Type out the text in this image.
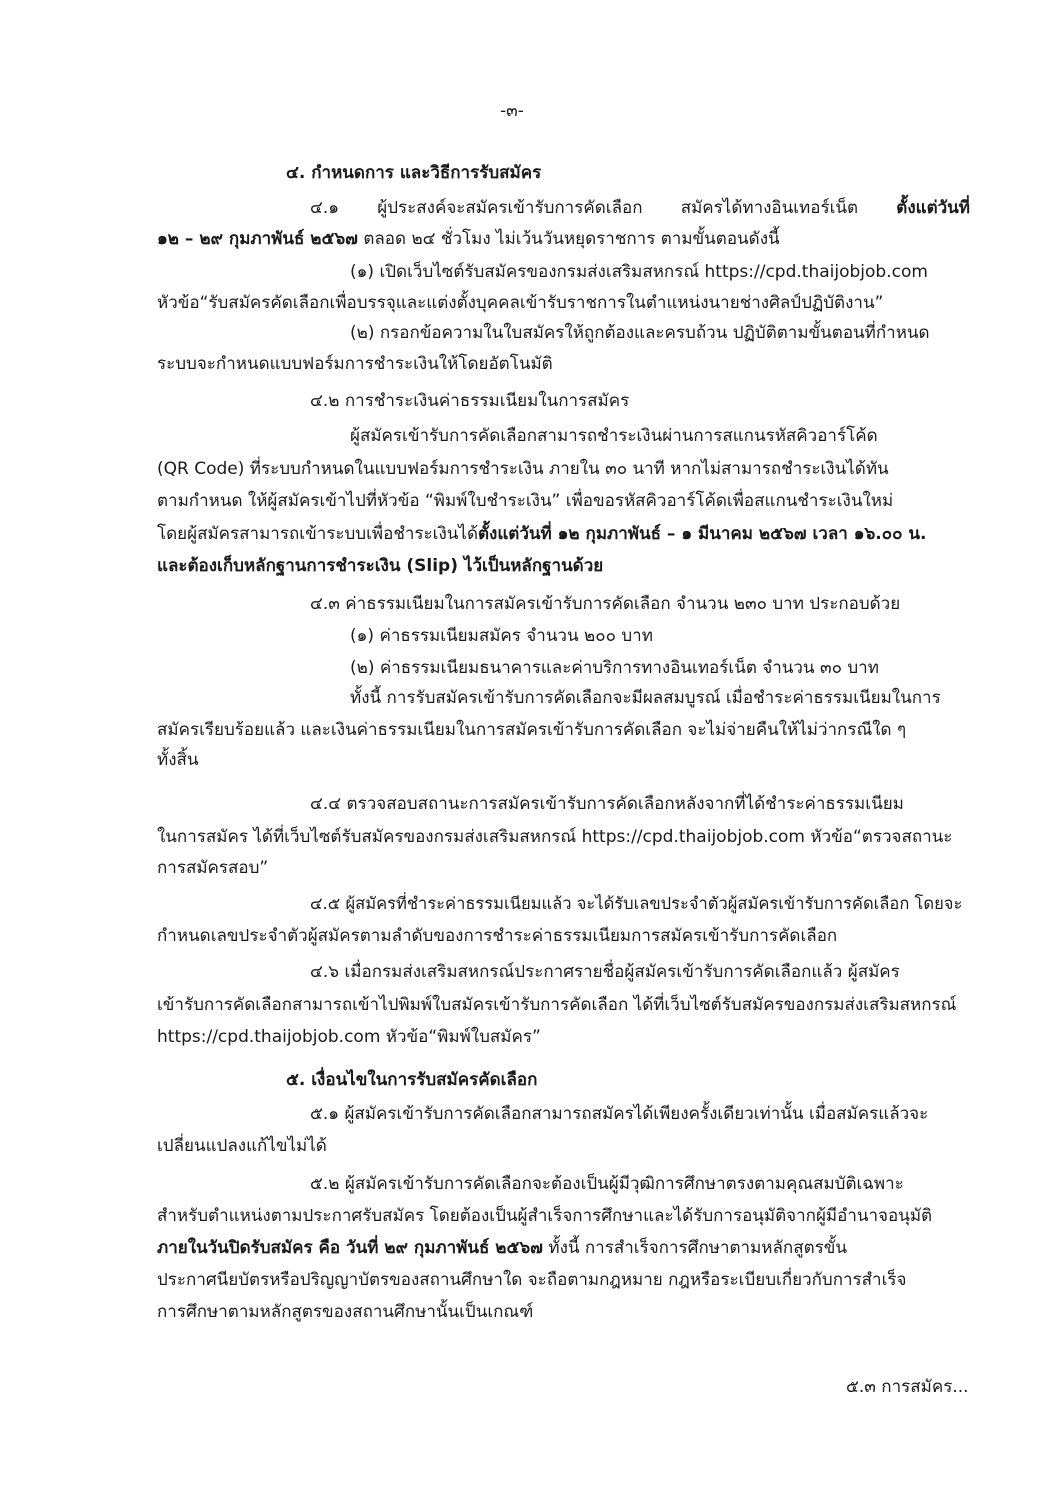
-๓-
๔. กำหนดการ และวิธีการรับสมัคร
๔.๑ ผู้ประสงค์จะสมัครเข้ารับการคัดเลือก สมัครได้ทางอินเทอร์เน็ต ตั้งแต่วันที่
๑๒ – ๒๙ กุมภาพันธ์ ๒๕๖๗ ตลอด ๒๔ ชั่วโมง ไม่เว้นวันหยุดราชการ ตามขั้นตอนดังนี้
(๑) เปิดเว็บไซต์รับสมัครของกรมส่งเสริมสหกรณ์ https://cpd.thaijobjob.com
หัวข้อ“รับสมัครคัดเลือกเพื่อบรรจุและแต่งตั้งบุคคลเข้ารับราชการในตำแหน่งนายช่างศิลป์ปฏิบัติงาน”
(๒) กรอกข้อความในใบสมัครให้ถูกต้องและครบถ้วน ปฏิบัติตามขั้นตอนที่กำหนด
ระบบจะกำหนดแบบฟอร์มการชำระเงินให้โดยอัตโนมัติ
๔.๒ การชำระเงินค่าธรรมเนียมในการสมัคร
ผู้สมัครเข้ารับการคัดเลือกสามารถชำระเงินผ่านการสแกนรหัสคิวอาร์โค้ด
(QR Code) ที่ระบบกำหนดในแบบฟอร์มการชำระเงิน ภายใน ๓๐ นาที หากไม่สามารถชำระเงินได้ทัน
ตามกำหนด ให้ผู้สมัครเข้าไปที่หัวข้อ “พิมพ์ใบชำระเงิน” เพื่อขอรหัสคิวอาร์โค้ดเพื่อสแกนชำระเงินใหม่
โดยผู้สมัครสามารถเข้าระบบเพื่อชำระเงินได้ตั้งแต่วันที่ ๑๒ กุมภาพันธ์ – ๑ มีนาคม ๒๕๖๗ เวลา ๑๖.๐๐ น.
และต้องเก็บหลักฐานการชำระเงิน (Slip) ไว้เป็นหลักฐานด้วย
๔.๓ ค่าธรรมเนียมในการสมัครเข้ารับการคัดเลือก จำนวน ๒๓๐ บาท ประกอบด้วย
(๑) ค่าธรรมเนียมสมัคร จำนวน ๒๐๐ บาท
(๒) ค่าธรรมเนียมธนาคารและค่าบริการทางอินเทอร์เน็ต จำนวน ๓๐ บาท
ทั้งนี้ การรับสมัครเข้ารับการคัดเลือกจะมีผลสมบูรณ์ เมื่อชำระค่าธรรมเนียมในการ
สมัครเรียบร้อยแล้ว และเงินค่าธรรมเนียมในการสมัครเข้ารับการคัดเลือก จะไม่จ่ายคืนให้ไม่ว่ากรณีใด ๆ
ทั้งสิ้น
๔.๔ ตรวจสอบสถานะการสมัครเข้ารับการคัดเลือกหลังจากที่ได้ชำระค่าธรรมเนียม
ในการสมัคร ได้ที่เว็บไซต์รับสมัครของกรมส่งเสริมสหกรณ์ https://cpd.thaijobjob.com หัวข้อ“ตรวจสถานะ
การสมัครสอบ”
๔.๕ ผู้สมัครที่ชำระค่าธรรมเนียมแล้ว จะได้รับเลขประจำตัวผู้สมัครเข้ารับการคัดเลือก โดยจะ
กำหนดเลขประจำตัวผู้สมัครตามลำดับของการชำระค่าธรรมเนียมการสมัครเข้ารับการคัดเลือก
๔.๖ เมื่อกรมส่งเสริมสหกรณ์ประกาศรายชื่อผู้สมัครเข้ารับการคัดเลือกแล้ว ผู้สมัคร
เข้ารับการคัดเลือกสามารถเข้าไปพิมพ์ใบสมัครเข้ารับการคัดเลือก ได้ที่เว็บไซต์รับสมัครของกรมส่งเสริมสหกรณ์
https://cpd.thaijobjob.com หัวข้อ“พิมพ์ใบสมัคร”
๕. เงื่อนไขในการรับสมัครคัดเลือก
๕.๑ ผู้สมัครเข้ารับการคัดเลือกสามารถสมัครได้เพียงครั้งเดียวเท่านั้น เมื่อสมัครแล้วจะ
เปลี่ยนแปลงแก้ไขไม่ได้
๕.๒ ผู้สมัครเข้ารับการคัดเลือกจะต้องเป็นผู้มีวุฒิการศึกษาตรงตามคุณสมบัติเฉพาะ
สำหรับตำแหน่งตามประกาศรับสมัคร โดยต้องเป็นผู้สำเร็จการศึกษาและได้รับการอนุมัติจากผู้มีอำนาจอนุมัติ
ภายในวันปิดรับสมัคร คือ วันที่ ๒๙ กุมภาพันธ์ ๒๕๖๗ ทั้งนี้ การสำเร็จการศึกษาตามหลักสูตรขั้น
ประกาศนียบัตรหรือปริญญาบัตรของสถานศึกษาใด จะถือตามกฎหมาย กฎหรือระเบียบเกี่ยวกับการสำเร็จ
การศึกษาตามหลักสูตรของสถานศึกษานั้นเป็นเกณฑ์
๕.๓ การสมัคร...
